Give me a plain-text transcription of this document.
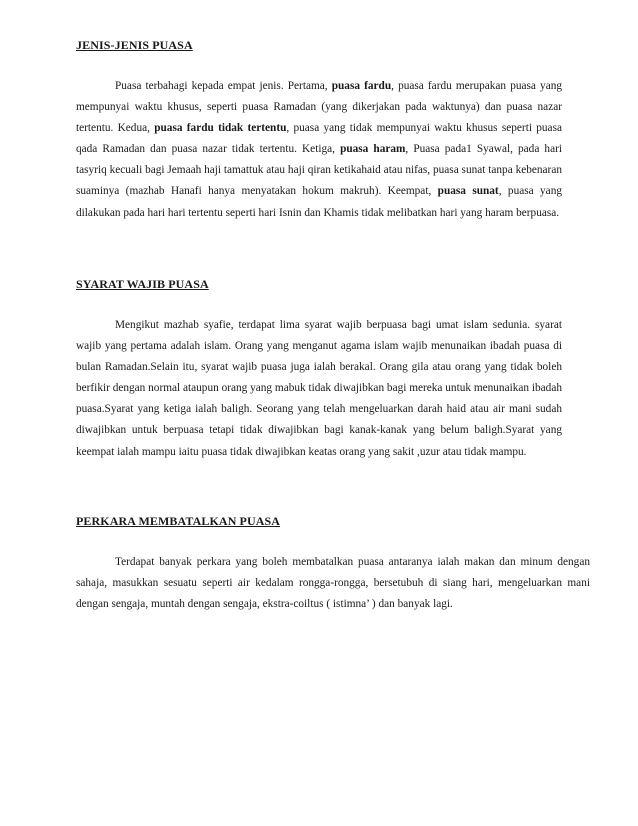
JENIS-JENIS PUASA

Puasa terbahagi kepada empat jenis. Pertama, puasa fardu, puasa fardu merupakan puasa yang mempunyai waktu khusus, seperti puasa Ramadan (yang dikerjakan pada waktunya) dan puasa nazar tertentu. Kedua, puasa fardu tidak tertentu, puasa yang tidak mempunyai waktu khusus seperti puasa qada Ramadan dan puasa nazar tidak tertentu. Ketiga, puasa haram, Puasa pada1 Syawal, pada hari tasyriq kecuali bagi Jemaah haji tamattuk atau haji qiran ketikahaid atau nifas, puasa sunat tanpa kebenaran suaminya (mazhab Hanafi hanya menyatakan hokum makruh). Keempat, puasa sunat, puasa yang dilakukan pada hari hari tertentu seperti hari Isnin dan Khamis tidak melibatkan hari yang haram berpuasa.

SYARAT WAJIB PUASA

Mengikut mazhab syafie, terdapat lima syarat wajib berpuasa bagi umat islam sedunia. syarat wajib yang pertama adalah islam. Orang yang menganut agama islam wajib menunaikan ibadah puasa di bulan Ramadan.Selain itu, syarat wajib puasa juga ialah berakal. Orang gila atau orang yang tidak boleh berfikir dengan normal ataupun orang yang mabuk tidak diwajibkan bagi mereka untuk menunaikan ibadah puasa.Syarat yang ketiga ialah baligh. Seorang yang telah mengeluarkan darah haid atau air mani sudah diwajibkan untuk berpuasa tetapi tidak diwajibkan bagi kanak-kanak yang belum baligh.Syarat yang keempat ialah mampu iaitu puasa tidak diwajibkan keatas orang yang sakit ,uzur atau tidak mampu.

PERKARA MEMBATALKAN PUASA

Terdapat banyak perkara yang boleh membatalkan puasa antaranya ialah makan dan minum dengan sahaja, masukkan sesuatu seperti air kedalam rongga-rongga, bersetubuh di siang hari, mengeluarkan mani dengan sengaja, muntah dengan sengaja, ekstra-coiltus ( istimna’ ) dan banyak lagi.
